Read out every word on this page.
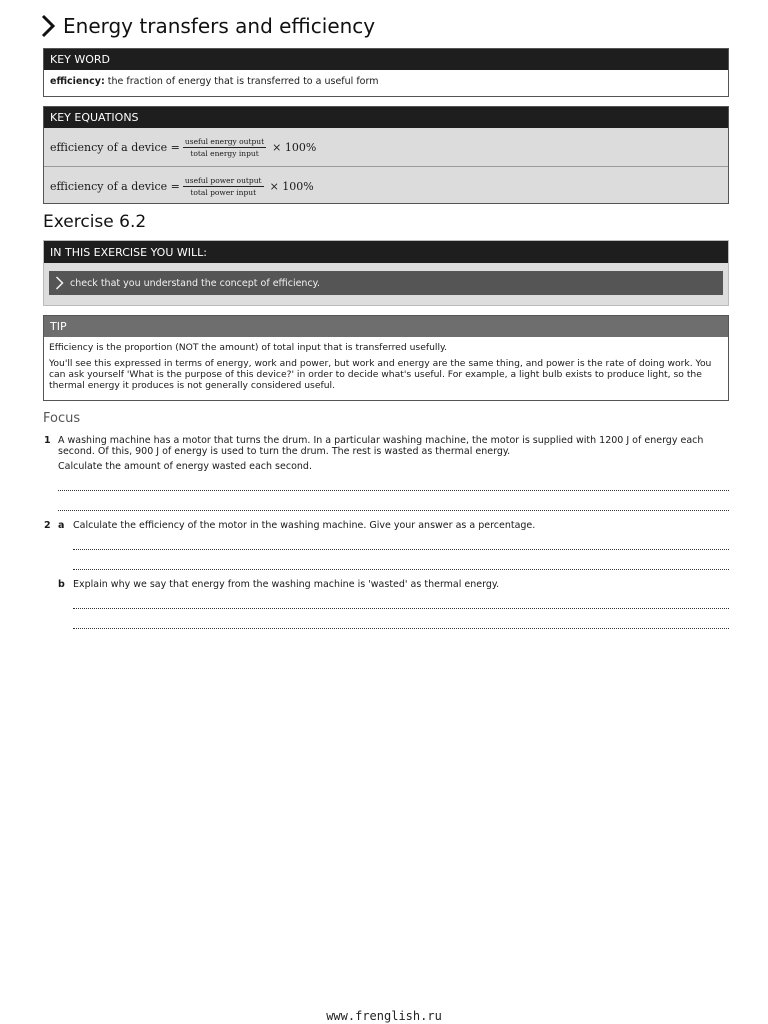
Energy transfers and efficiency
KEY WORD
efficiency: the fraction of energy that is transferred to a useful form
KEY EQUATIONS
efficiency of a device = $\frac{\text{useful energy output}}{\text{total energy input}} \times 100\%$
efficiency of a device = $\frac{\text{useful power output}}{\text{total power input}} \times 100\%$
Exercise 6.2
IN THIS EXERCISE YOU WILL:
check that you understand the concept of efficiency.
TIP

Efficiency is the proportion (NOT the amount) of total input that is transferred usefully.

You'll see this expressed in terms of energy, work and power, but work and energy are the same thing, and power is the rate of doing work. You can ask yourself 'What is the purpose of this device?' in order to decide what's useful. For example, a light bulb exists to produce light, so the thermal energy it produces is not generally considered useful.

Focus
1 A washing machine has a motor that turns the drum. In a particular washing machine, the motor is supplied with 1200 J of energy each second. Of this, 900 J of energy is used to turn the drum. The rest is wasted as thermal energy.
Calculate the amount of energy wasted each second.
2 a Calculate the efficiency of the motor in the washing machine. Give your answer as a percentage.
b Explain why we say that energy from the washing machine is 'wasted' as thermal energy.
www.frenglish.ru
